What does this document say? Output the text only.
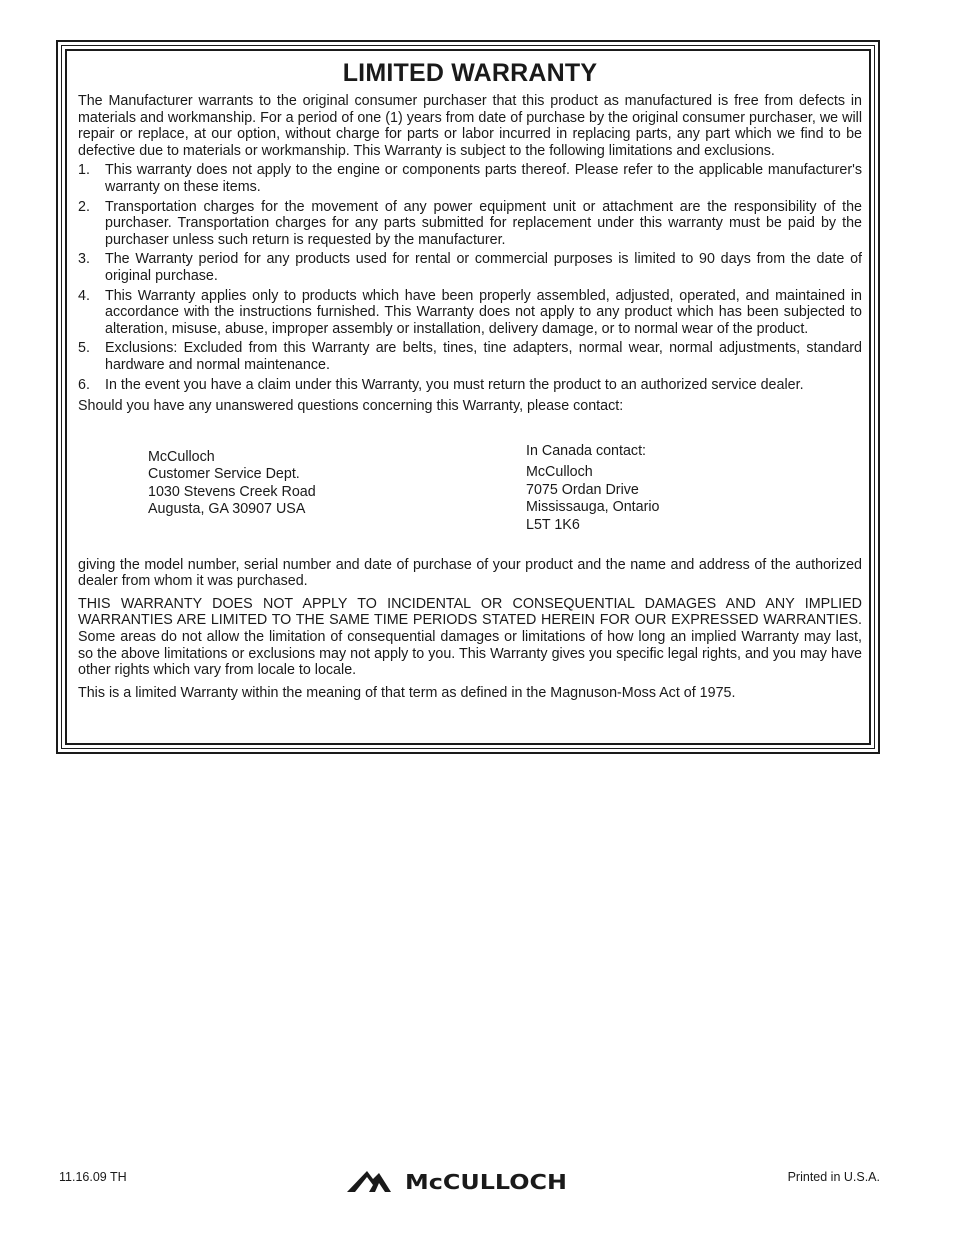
LIMITED WARRANTY

The Manufacturer warrants to the original consumer purchaser that this product as manufactured is free from defects in materials and workmanship. For a period of one (1) years from date of purchase by the original consumer purchaser, we will repair or replace, at our option, without charge for parts or labor incurred in replacing parts, any part which we find to be defective due to materials or workmanship. This Warranty is subject to the following limitations and exclusions.

1. This warranty does not apply to the engine or components parts thereof. Please refer to the applicable manufacturer's warranty on these items.
2. Transportation charges for the movement of any power equipment unit or attachment are the responsibility of the purchaser. Transportation charges for any parts submitted for replacement under this warranty must be paid by the purchaser unless such return is requested by the manufacturer.
3. The Warranty period for any products used for rental or commercial purposes is limited to 90 days from the date of original purchase.
4. This Warranty applies only to products which have been properly assembled, adjusted, operated, and maintained in accordance with the instructions furnished. This Warranty does not apply to any product which has been subjected to alteration, misuse, abuse, improper assembly or installation, delivery damage, or to normal wear of the product.
5. Exclusions: Excluded from this Warranty are belts, tines, tine adapters, normal wear, normal adjustments, standard hardware and normal maintenance.
6. In the event you have a claim under this Warranty, you must return the product to an authorized service dealer.

Should you have any unanswered questions concerning this Warranty, please contact:

McCulloch
Customer Service Dept.
1030 Stevens Creek Road
Augusta, GA 30907 USA
In Canada contact:
McCulloch
7075 Ordan Drive
Mississauga, Ontario
L5T 1K6

giving the model number, serial number and date of purchase of your product and the name and address of the authorized dealer from whom it was purchased.

THIS WARRANTY DOES NOT APPLY TO INCIDENTAL OR CONSEQUENTIAL DAMAGES AND ANY IMPLIED WARRANTIES ARE LIMITED TO THE SAME TIME PERIODS STATED HEREIN FOR OUR EXPRESSED WARRANTIES. Some areas do not allow the limitation of consequential damages or limitations of how long an implied Warranty may last, so the above limitations or exclusions may not apply to you. This Warranty gives you specific legal rights, and you may have other rights which vary from locale to locale.

This is a limited Warranty within the meaning of that term as defined in the Magnuson-Moss Act of 1975.

11.16.09 TH	McCULLOCH	Printed in U.S.A.
